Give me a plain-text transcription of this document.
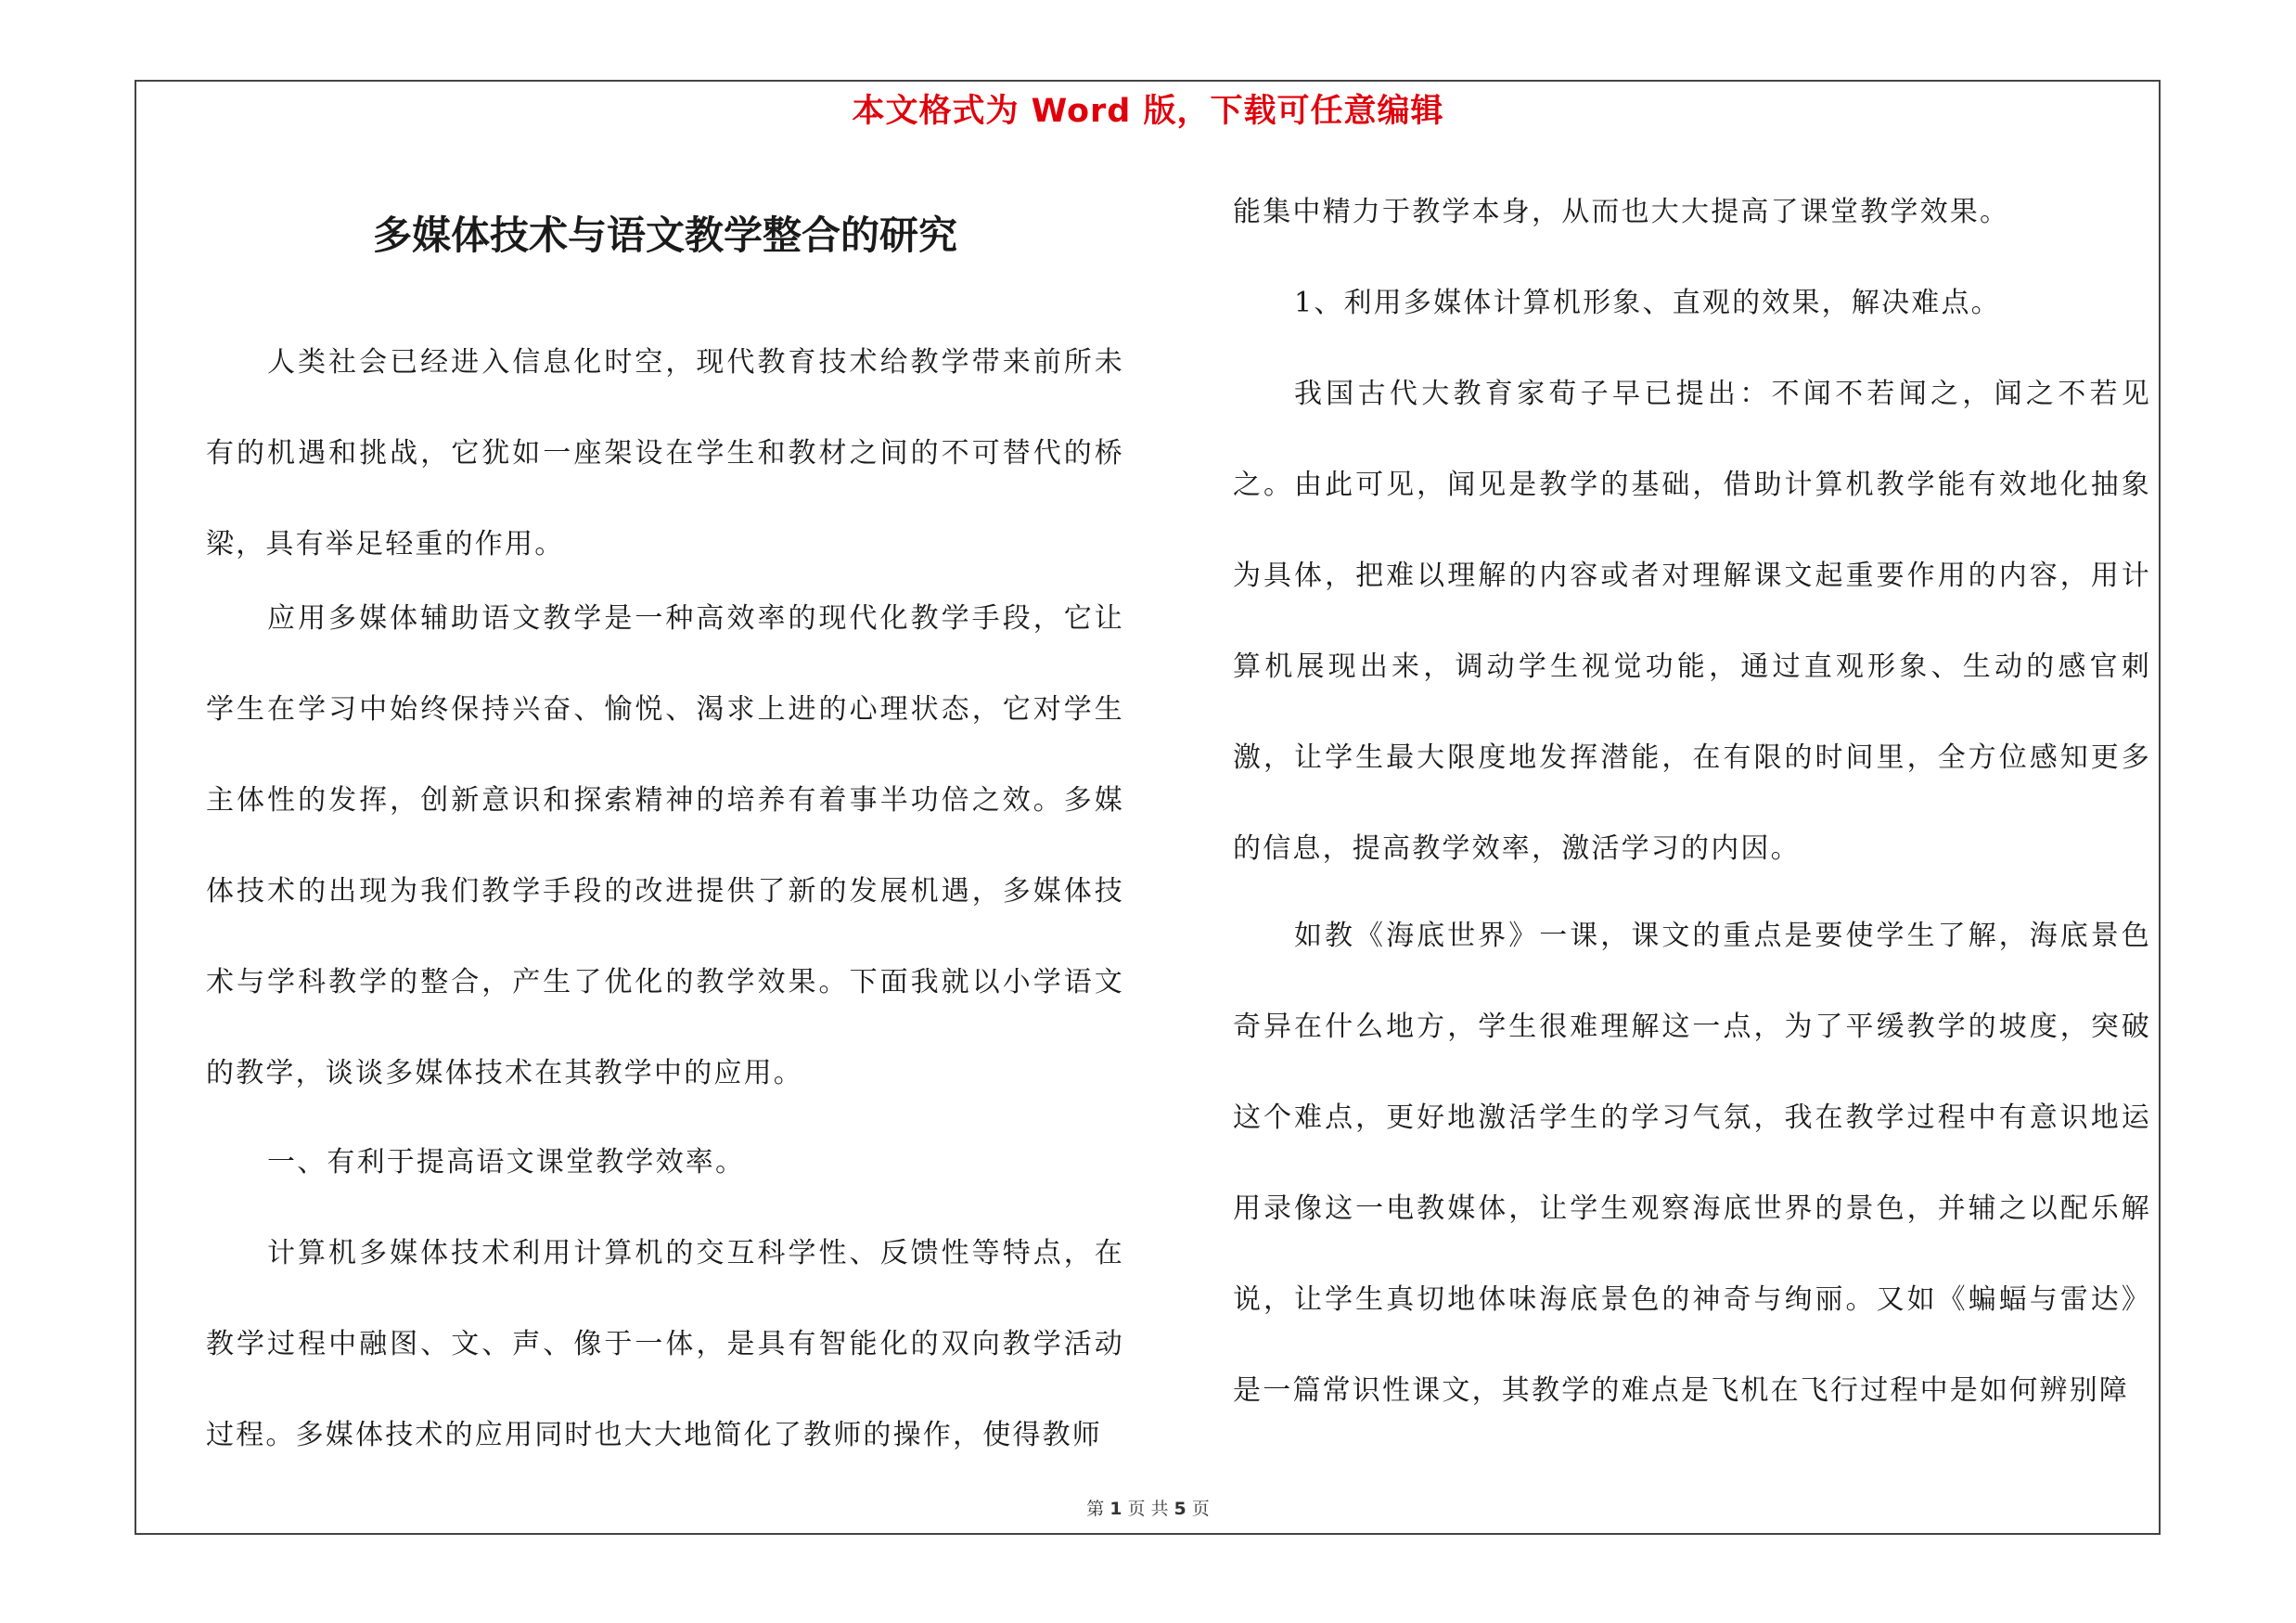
本文格式为 Word 版，下载可任意编辑
多媒体技术与语文教学整合的研究

人类社会已经进入信息化时空，现代教育技术给教学带来前所未有的机遇和挑战，它犹如一座架设在学生和教材之间的不可替代的桥梁，具有举足轻重的作用。

应用多媒体辅助语文教学是一种高效率的现代化教学手段，它让学生在学习中始终保持兴奋、愉悦、渴求上进的心理状态，它对学生主体性的发挥，创新意识和探索精神的培养有着事半功倍之效。多媒体技术的出现为我们教学手段的改进提供了新的发展机遇，多媒体技术与学科教学的整合，产生了优化的教学效果。下面我就以小学语文的教学，谈谈多媒体技术在其教学中的应用。

一、有利于提高语文课堂教学效率。

计算机多媒体技术利用计算机的交互科学性、反馈性等特点，在教学过程中融图、文、声、像于一体，是具有智能化的双向教学活动过程。多媒体技术的应用同时也大大地简化了教师的操作，使得教师

能集中精力于教学本身，从而也大大提高了课堂教学效果。

1、利用多媒体计算机形象、直观的效果，解决难点。

我国古代大教育家荀子早已提出：不闻不若闻之，闻之不若见之。由此可见，闻见是教学的基础，借助计算机教学能有效地化抽象为具体，把难以理解的内容或者对理解课文起重要作用的内容，用计算机展现出来，调动学生视觉功能，通过直观形象、生动的感官刺激，让学生最大限度地发挥潜能，在有限的时间里，全方位感知更多的信息，提高教学效率，激活学习的内因。

如教《海底世界》一课，课文的重点是要使学生了解，海底景色奇异在什么地方，学生很难理解这一点，为了平缓教学的坡度，突破这个难点，更好地激活学生的学习气氛，我在教学过程中有意识地运用录像这一电教媒体，让学生观察海底世界的景色，并辅之以配乐解说，让学生真切地体味海底景色的神奇与绚丽。又如《蝙蝠与雷达》是一篇常识性课文，其教学的难点是飞机在飞行过程中是如何辨别障

第 1 页 共 5 页
